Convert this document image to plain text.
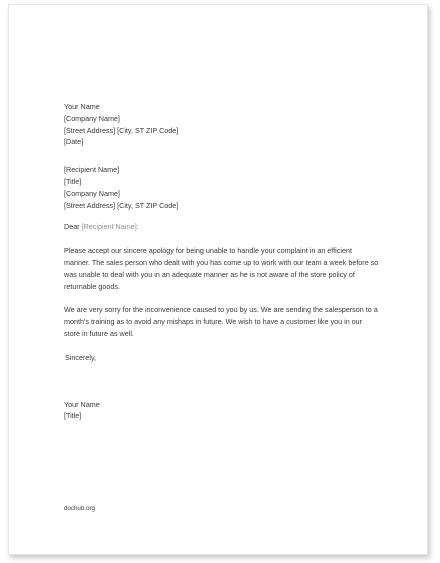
Your Name
[Company Name]
[Street Address] [City, ST ZIP Code]
[Date]
[Recipient Name]
[Title]
[Company Name]
[Street Address] [City, ST ZIP Code]
Dear [Recipient Name]:

Please accept our sincere apology for being unable to handle your complaint in an efficient manner. The sales person who dealt with you has come up to work with our team a week before so was unable to deal with you in an adequate manner as he is not aware of the store policy of returnable goods.

We are very sorry for the inconvenience caused to you by us. We are sending the salesperson to a month's training as to avoid any mishaps in future. We wish to have a customer like you in our store in future as well.

Sincerely,
Your Name
[Title]
dochub.org
